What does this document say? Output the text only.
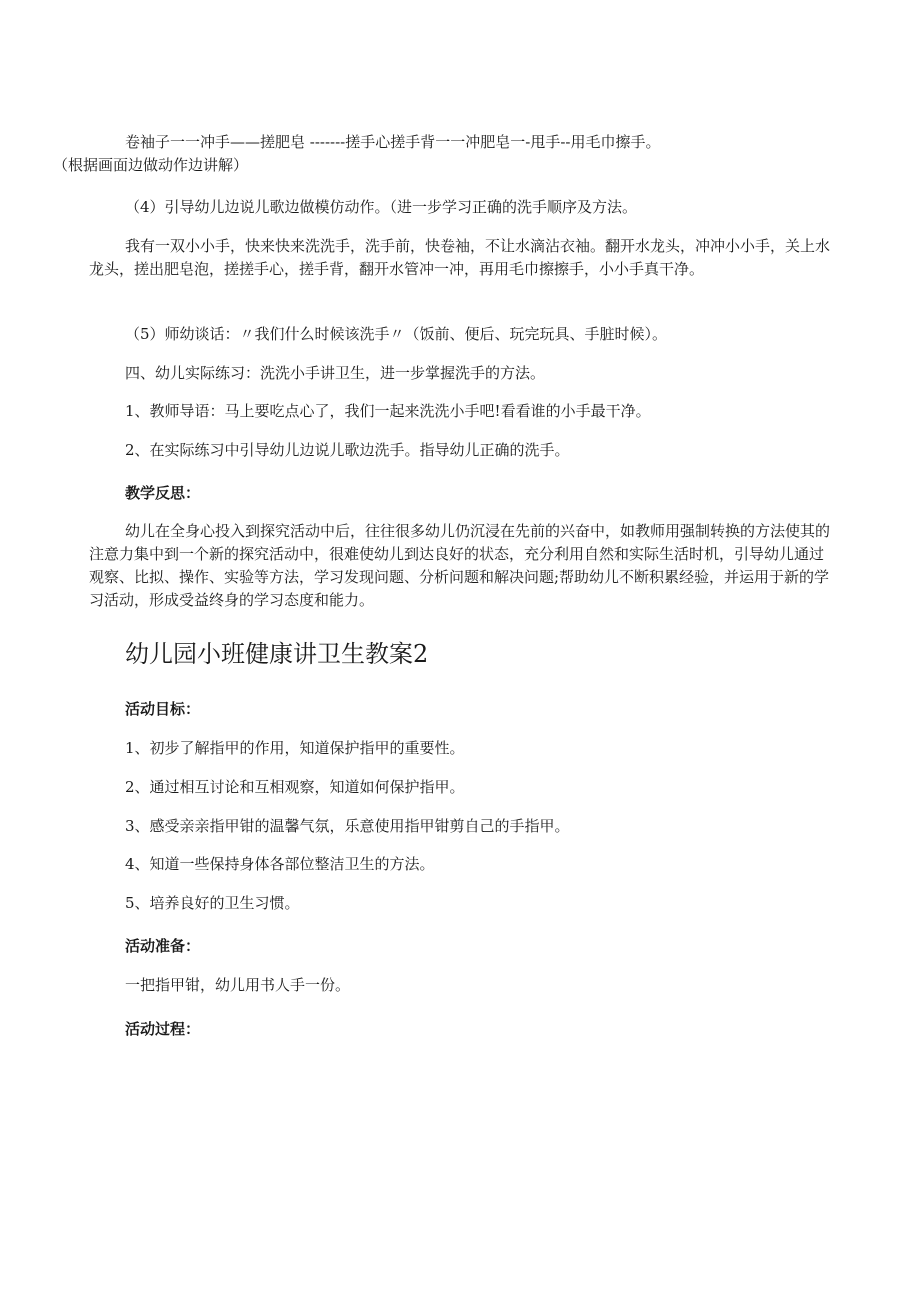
卷袖子一一冲手——搓肥皂 -------搓手心搓手背一一冲肥皂一-甩手--用毛巾擦手。
（根据画面边做动作边讲解）

（4）引导幼儿边说儿歌边做模仿动作。（进一步学习正确的洗手顺序及方法。

我有一双小小手，快来快来洗洗手，洗手前，快卷袖，不让水滴沾衣袖。翻开水龙头，冲冲小小手，关上水龙头，搓出肥皂泡，搓搓手心，搓手背，翻开水管冲一冲，再用毛巾擦擦手，小小手真干净。

（5）师幼谈话：〃我们什么时候该洗手〃（饭前、便后、玩完玩具、手脏时候）。

四、幼儿实际练习：洗洗小手讲卫生，进一步掌握洗手的方法。

1、教师导语：马上要吃点心了，我们一起来洗洗小手吧!看看谁的小手最干净。

2、在实际练习中引导幼儿边说儿歌边洗手。指导幼儿正确的洗手。

教学反思：

幼儿在全身心投入到探究活动中后，往往很多幼儿仍沉浸在先前的兴奋中，如教师用强制转换的方法使其的注意力集中到一个新的探究活动中，很难使幼儿到达良好的状态，充分利用自然和实际生活时机，引导幼儿通过观察、比拟、操作、实验等方法，学习发现问题、分析问题和解决问题;帮助幼儿不断积累经验，并运用于新的学习活动，形成受益终身的学习态度和能力。

幼儿园小班健康讲卫生教案2
活动目标：

1、初步了解指甲的作用，知道保护指甲的重要性。

2、通过相互讨论和互相观察，知道如何保护指甲。

3、感受亲亲指甲钳的温馨气氛，乐意使用指甲钳剪自己的手指甲。

4、知道一些保持身体各部位整洁卫生的方法。

5、培养良好的卫生习惯。

活动准备：

一把指甲钳，幼儿用书人手一份。

活动过程：
